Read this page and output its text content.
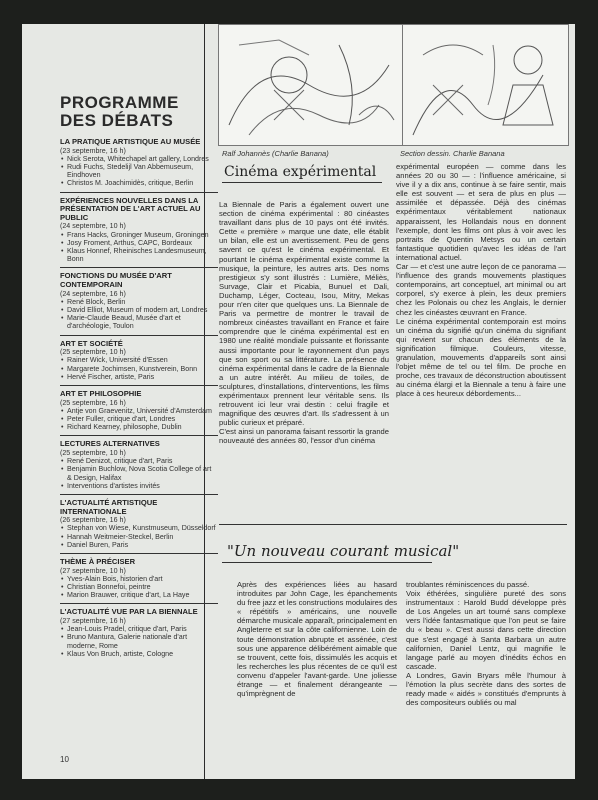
PROGRAMME
DES DÉBATS
LA PRATIQUE ARTISTIQUE AU MUSÉE
(23 septembre, 16 h)
• Nick Serota, Whitechapel art gallery, Londres
• Rudi Fuchs, Stedelijl Van Abbemuseum, Eindhoven
• Christos M. Joachimidès, critique, Berlin
EXPÉRIENCES NOUVELLES DANS LA PRÉSENTATION DE L'ART ACTUEL AU PUBLIC
(24 septembre, 10 h)
• Frans Hacks, Groninger Museum, Groningen
• Josy Froment, Arthus, CAPC, Bordeaux
• Klaus Honnef, Rheinisches Landesmuseum, Bonn
FONCTIONS DU MUSÉE D'ART CONTEMPORAIN
(24 septembre, 16 h)
• René Block, Berlin
• David Elliot, Museum of modern art, Londres
• Marie-Claude Beaud, Musée d'art et d'archéologie, Toulon
ART ET SOCIÉTÉ
(25 septembre, 10 h)
• Rainer Wick, Université d'Essen
• Margarete Jochimsen, Kunstverein, Bonn
• Hervé Fischer, artiste, Paris
ART ET PHILOSOPHIE
(25 septembre, 16 h)
• Antje von Graevenitz, Université d'Amsterdam
• Peter Fuller, critique d'art, Londres
• Richard Kearney, philosophe, Dublin
LECTURES ALTERNATIVES
(25 septembre, 10 h)
• René Denizot, critique d'art, Paris
• Benjamin Buchlow, Nova Scotia College of art & Design, Halifax
• Interventions d'artistes invités
L'ACTUALITÉ ARTISTIQUE INTERNATIONALE
(26 septembre, 16 h)
• Stephan von Wiese, Kunstmuseum, Düsseldorf
• Hannah Weitmeier-Steckel, Berlin
• Daniel Buren, Paris
THÈME À PRÉCISER
(27 septembre, 10 h)
• Yves-Alain Bois, historien d'art
• Christian Bonnefoi, peintre
• Marion Brauwer, critique d'art, La Haye
L'ACTUALITÉ VUE PAR LA BIENNALE
(27 septembre, 16 h)
• Jean-Louis Pradel, critique d'art, Paris
• Bruno Mantura, Galerie nationale d'art moderne, Rome
• Klaus Von Bruch, artiste, Cologne
10
Ralf Johannès (Charlie Banana)	Section dessin. Charlie Banana
Cinéma expérimental

La Biennale de Paris a également ouvert une section de cinéma expérimental : 80 cinéastes travaillant dans plus de 10 pays ont été invités. Cette « première » marque une date, elle établit un bilan, elle est un avertissement. Peu de gens savent ce qu'est le cinéma expérimental. Et pourtant le cinéma expérimental existe comme la musique, la peinture, les autres arts. Des noms prestigieux s'y sont illustrés : Lumière, Méliès, Survage, Clair et Picabia, Bunuel et Dali, Duchamp, Léger, Cocteau, Isou, Mitry, Mekas pour n'en citer que quelques uns. La Biennale de Paris va permettre de montrer le travail de nombreux cinéastes travaillant en France et faire comprendre que le cinéma expérimental est en 1980 une réalité mondiale puissante et florissante aussi importante pour le rayonnement d'un pays que son sport ou sa littérature. La présence du cinéma expérimental dans le cadre de la Biennale a un autre intérêt. Au milieu de toiles, de sculptures, d'installations, d'interventions, les films expérimentaux prennent leur véritable sens. Ils retrouvent ici leur vrai destin : celui fragile et magnifique des œuvres d'art. Ils s'adressent à un public curieux et préparé.

C'est ainsi un panorama faisant ressortir la grande nouveauté des années 80, l'essor d'un cinéma

expérimental européen — comme dans les années 20 ou 30 — : l'influence américaine, si vive il y a dix ans, continue à se faire sentir, mais elle est souvent — et sera de plus en plus — assimilée et dépassée. Déjà des cinémas expérimentaux véritablement nationaux apparaissent, les Hollandais nous en donnent l'exemple, dont les films ont plus à voir avec les portraits de Quentin Metsys ou un certain fantastique quotidien qu'avec les idéas de l'art international actuel.

Car — et c'est une autre leçon de ce panorama — l'influence des grands mouvements plastiques contemporains, art conceptuel, art minimal ou art corporel, s'y exerce à plein, les deux premiers chez les Polonais ou chez les Anglais, le dernier chez les cinéastes œuvrant en France.

Le cinéma expérimental contemporain est moins un cinéma du signifié qu'un cinéma du signifiant qui revient sur chacun des éléments de la signification filmique. Couleurs, vitesse, granulation, mouvements d'appareils sont ainsi l'objet même de tel ou tel film. De proche en proche, ces travaux de déconstruction aboutissent au cinéma élargi et la Biennale a tenu à faire une place à ces heureux débordements...

"Un nouveau courant musical"

Après des expériences liées au hasard introduites par John Cage, les épanchements du free jazz et les constructions modulaires des « répétitifs » américains, une nouvelle démarche musicale apparaît, principalement en Angleterre et sur la côte californienne. Loin de toute démonstration abrupte et assénée, c'est sous une apparence délibérément aimable que se trouvent, cette fois, dissimulés les acquis et les recherches les plus récentes de ce qu'il est convenu d'appeler l'avant-garde. Une joliesse étrange — et finalement dérangeante — qu'imprègnent de

troublantes réminiscences du passé.

Voix éthérées, singulière pureté des sons instrumentaux : Harold Budd développe près de Los Angeles un art tourné sans complexe vers l'idée fantasmatique que l'on peut se faire du « beau ». C'est aussi dans cette direction que s'est engagé à Santa Barbara un autre californien, Daniel Lentz, qui magnifie le langage parlé au moyen d'inédits échos en cascade.

A Londres, Gavin Bryars mêle l'humour à l'émotion la plus secrète dans des sortes de ready made « aidés » constitués d'emprunts à des compositeurs oubliés ou mal
